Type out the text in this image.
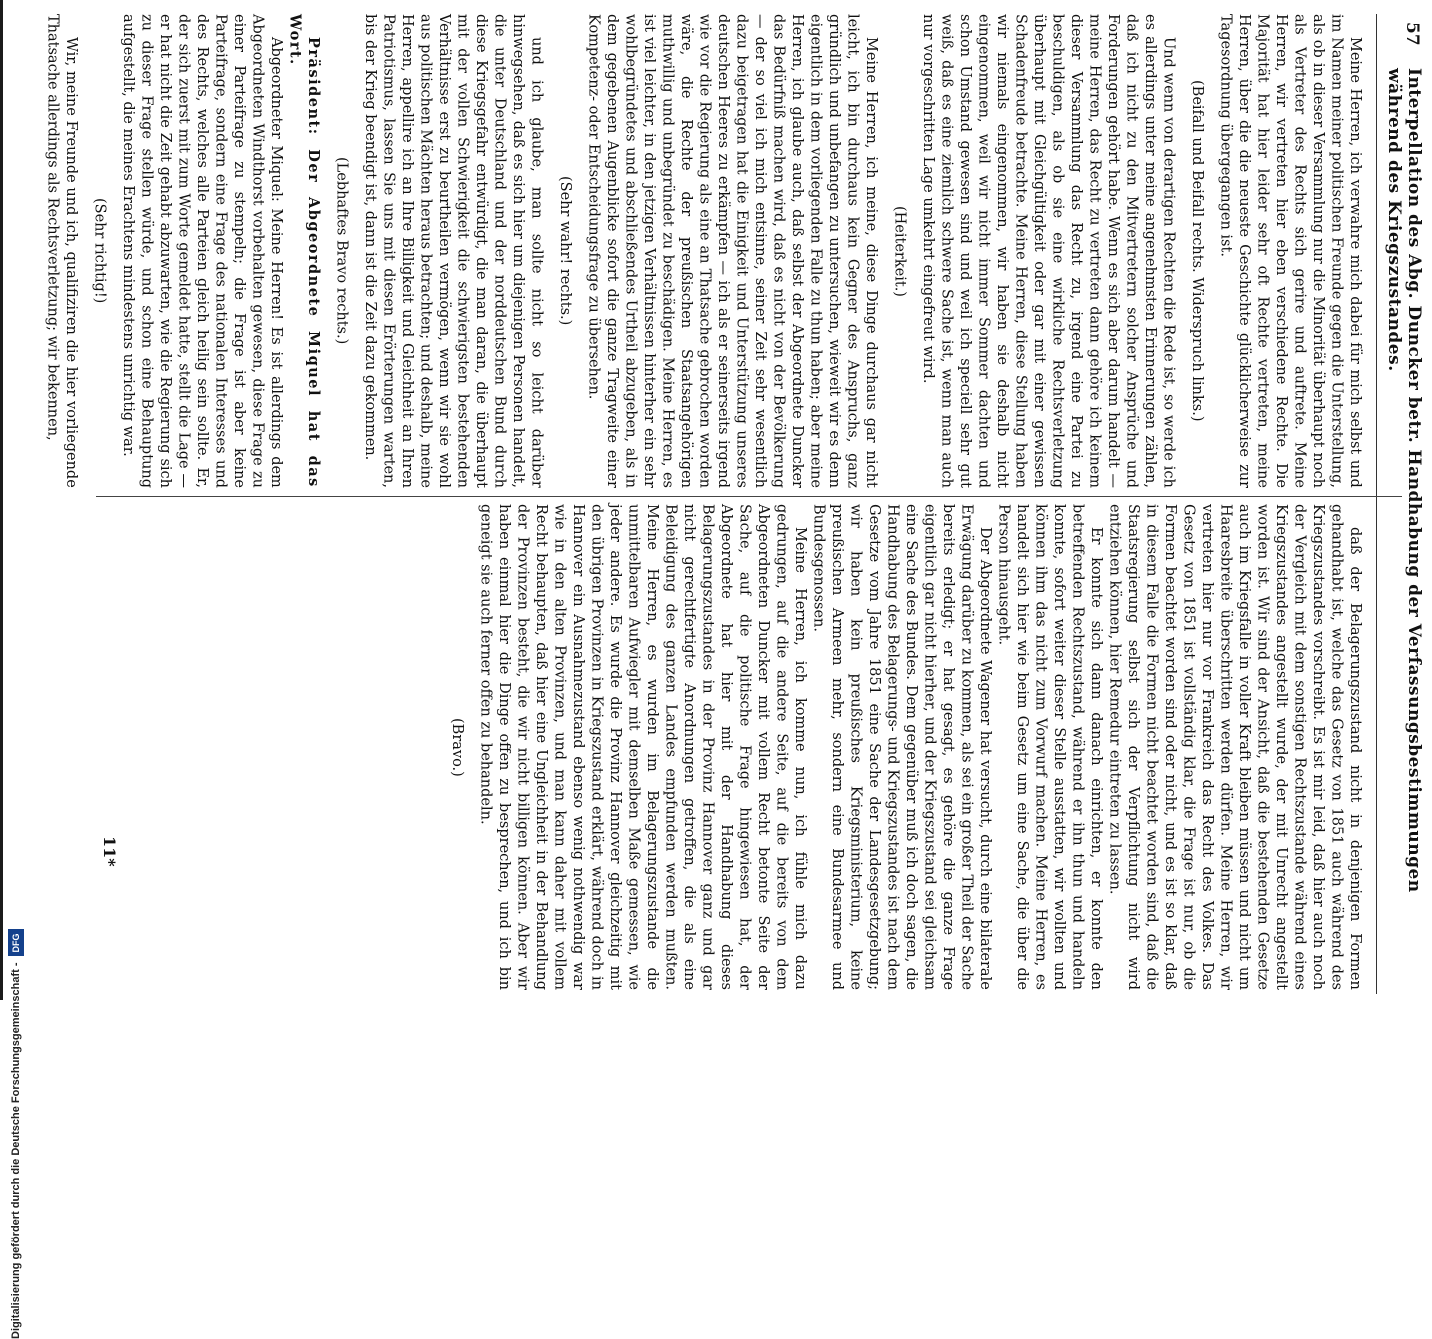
Digitalisierung gefördert durch die Deutsche Forschungsgemeinschaft -
DFG
Interpellation des Abg. Duncker betr. Handhabung der Verfassungsbestimmungen während des Kriegszustandes.
57

Meine Herren, ich verwahre mich dabei für mich selbst und im Namen meiner politischen Freunde gegen die Unterstellung, als ob in dieser Versammlung nur die Minorität überhaupt noch als Vertreter des Rechts sich gerire und auftrete. Meine Herren, wir vertreten hier eben verschiedene Rechte. Die Majorität hat hier leider sehr oft Rechte vertreten, meine Herren, über die die neueste Geschichte glücklicherweise zur Tagesordnung übergegangen ist.

(Beifall und Beifall rechts. Widerspruch links.)

Und wenn von derartigen Rechten die Rede ist, so werde ich es allerdings unter meine angenehmsten Erinnerungen zählen, daß ich nicht zu den Mitvertretern solcher Ansprüche und Forderungen gehört habe. Wenn es sich aber darum handelt — meine Herren, das Recht zu vertreten dann gehöre ich keinem dieser Versammlung das Recht zu, irgend eine Partei zu beschuldigen, als ob sie eine wirkliche Rechtsverletzung überhaupt mit Gleichgültigkeit oder gar mit einer gewissen Schadenfreude betrachte. Meine Herren, diese Stellung haben wir niemals eingenommen, wir haben sie deshalb nicht eingenommen, weil wir nicht immer Sommer dachten und schon Umstand gewesen sind und weil ich speciell sehr gut weiß, daß es eine ziemlich schwere Sache ist, wenn man auch nur vorgeschritten Lage umkehrt eingefreut wird.

(Heiterkeit.)

Meine Herren, ich meine, diese Dinge durchaus gar nicht leicht, ich bin durchaus kein Gegner des Anspruchs, ganz gründlich und unbefangen zu untersuchen, wieweit wir es denn eigentlich in dem vorliegenden Falle zu thun haben; aber meine Herren, ich glaube auch, daß selbst der Abgeordnete Duncker das Bedürfniß machen wird, daß es nicht von der Bevölkerung — der so viel ich mich entsinne, seiner Zeit sehr wesentlich dazu beigetragen hat die Einigkeit und Unterstützung unseres deutschen Heeres zu erkämpfen — ich als er seinerseits irgend wie vor die Regierung als eine an Thatsache gebrochen worden wäre, die Rechte der preußischen Staatsangehörigen muthwillig und unbegründet zu beschädigen. Meine Herren, es ist viel leichter, in den jetzigen Verhältnissen hinterher ein sehr wohlbegründetes und abschließendes Urtheil abzugeben, als in dem gegebenen Augenblicke sofort die ganze Tragweite einer Kompetenz- oder Entscheidungsfrage zu übersehen.

(Sehr wahr! rechts.)

und ich glaube, man sollte nicht so leicht darüber hinwegsehen, daß es sich hier um diejenigen Personen handelt, die unter Deutschland und der norddeutschen Bund durch diese Kriegsgefahr entwürdigt, die man daran, die überhaupt mit der vollen Schwierigkeit die schwierigsten bestehenden Verhältnisse erst zu beurtheilen vermögen, wenn wir sie wohl aus politischen Mächten heraus betrachten; und deshalb, meine Herren, appellire ich an Ihre Billigkeit und Gleichheit an Ihren Patriotismus, lassen Sie uns mit diesen Erörterungen warten, bis der Krieg beendigt ist, dann ist die Zeit dazu gekommen.

(Lebhaftes Bravo rechts.)

Präsident: Der Abgeordnete Miquel hat das Wort.

Abgeordneter Miquel: Meine Herren! Es ist allerdings dem Abgeordneten Windthorst vorbehalten gewesen, diese Frage zu einer Parteifrage zu stempeln; die Frage ist aber keine Parteifrage, sondern eine Frage des nationalen Interesses und des Rechts, welches alle Parteien gleich heilig sein sollte. Er, der sich zuerst mit zum Worte gemeldet hatte, stellt die Lage — er hat nicht die Zeit gehabt abzuwarten, wie die Regierung sich zu dieser Frage stellen würde, und schon eine Behauptung aufgestellt, die meines Erachtens mindestens unrichtig war.

(Sehr richtig!)

Wir, meine Freunde und ich, qualifiziren die hier vorliegende Thatsache allerdings als Rechtsverletzung; wir bekennen,

daß der Belagerungszustand nicht in denjenigen Formen gehandhabt ist, welche das Gesetz von 1851 auch während des Kriegszustandes vorschreibt. Es ist mir leid, daß hier auch noch der Vergleich mit dem sonstigen Rechtszustande während eines Kriegszustandes angestellt wurde, der mit Unrecht angestellt worden ist. Wir sind der Ansicht, daß die bestehenden Gesetze auch im Kriegsfalle in voller Kraft bleiben müssen und nicht um Haaresbreite überschritten werden dürfen. Meine Herren, wir vertreten hier nur vor Frankreich das Recht des Volkes. Das Gesetz von 1851 ist vollständig klar, die Frage ist nur, ob die Formen beachtet worden sind oder nicht, und es ist so klar, daß in diesem Falle die Formen nicht beachtet worden sind, daß die Staatsregierung selbst sich der Verpflichtung nicht wird entziehen können, hier Remedur eintreten zu lassen.

Er konnte sich dann danach einrichten, er konnte den betreffenden Rechtszustand, während er ihn thun und handeln konnte, sofort weiter dieser Stelle ausstatten, wir wollten und können ihm das nicht zum Vorwurf machen. Meine Herren, es handelt sich hier wie beim Gesetz um eine Sache, die über die Person hinausgeht.

Der Abgeordnete Wagener hat versucht, durch eine bilaterale Erwägung darüber zu kommen, als sei ein großer Theil der Sache bereits erledigt; er hat gesagt, es gehöre die ganze Frage eigentlich gar nicht hierher, und der Kriegszustand sei gleichsam eine Sache des Bundes. Dem gegenüber muß ich doch sagen, die Handhabung des Belagerungs- und Kriegszustandes ist nach dem Gesetze vom Jahre 1851 eine Sache der Landesgesetzgebung; wir haben kein preußisches Kriegsministerium, keine preußischen Armeen mehr, sondern eine Bundesarmee und Bundesgenossen.

Meine Herren, ich komme nun, ich fühle mich dazu gedrungen, auf die andere Seite, auf die bereits von dem Abgeordneten Duncker mit vollem Recht betonte Seite der Sache, auf die politische Frage hingewiesen hat, der Abgeordnete hat hier mit der Handhabung dieses Belagerungszustandes in der Provinz Hannover ganz und gar nicht gerechtfertigte Anordnungen getroffen, die als eine Beleidigung des ganzen Landes empfunden werden mußten. Meine Herren, es wurden im Belagerungszustande die unmittelbaren Aufwiegler mit demselben Maße gemessen, wie jeder andere. Es wurde die Provinz Hannover gleichzeitig mit den übrigen Provinzen in Kriegszustand erklärt, während doch in Hannover ein Ausnahmezustand ebenso wenig nothwendig war wie in den alten Provinzen, und man kann daher mit vollem Recht behaupten, daß hier eine Ungleichheit in der Behandlung der Provinzen besteht, die wir nicht billigen können. Aber wir haben einmal hier die Dinge offen zu besprechen, und ich bin geneigt sie auch ferner offen zu behandeln.

(Bravo.)

11*
